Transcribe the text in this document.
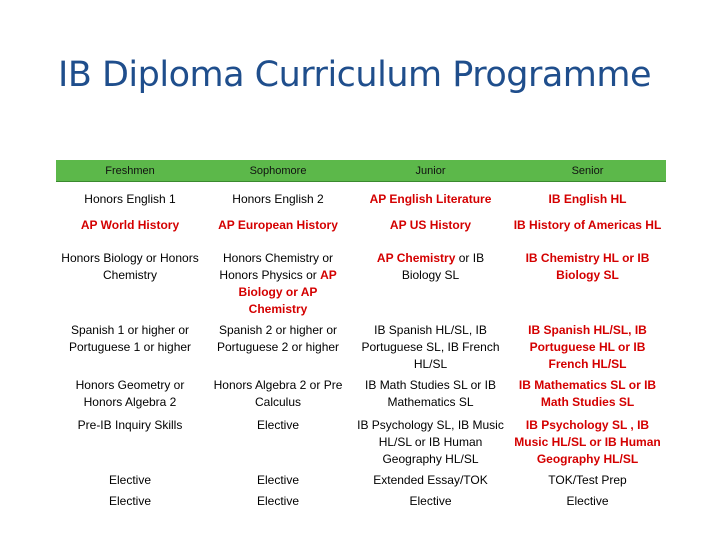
IB Diploma Curriculum Programme
Freshmen	Sophomore	Junior	Senior
Honors English 1	Honors English 2	AP English Literature	IB English HL
AP World History	AP European History	AP US History	IB History of Americas HL
Honors Biology or Honors Chemistry	Honors Chemistry or Honors Physics or AP Biology or AP Chemistry	AP Chemistry or IB Biology SL	IB Chemistry HL or IB Biology SL
Spanish 1 or higher or Portuguese 1 or higher	Spanish 2 or higher or Portuguese 2 or higher	IB Spanish HL/SL, IB Portuguese SL, IB French HL/SL	IB Spanish HL/SL, IB Portuguese HL or IB French HL/SL
Honors Geometry or Honors Algebra 2	Honors Algebra 2 or Pre Calculus	IB Math Studies SL or IB Mathematics SL	IB Mathematics SL or IB Math Studies SL
Pre-IB Inquiry Skills	Elective	IB Psychology SL, IB Music HL/SL or IB Human Geography HL/SL	IB Psychology SL , IB Music HL/SL or IB Human Geography HL/SL
Elective	Elective	Extended Essay/TOK	TOK/Test Prep
Elective	Elective	Elective	Elective
